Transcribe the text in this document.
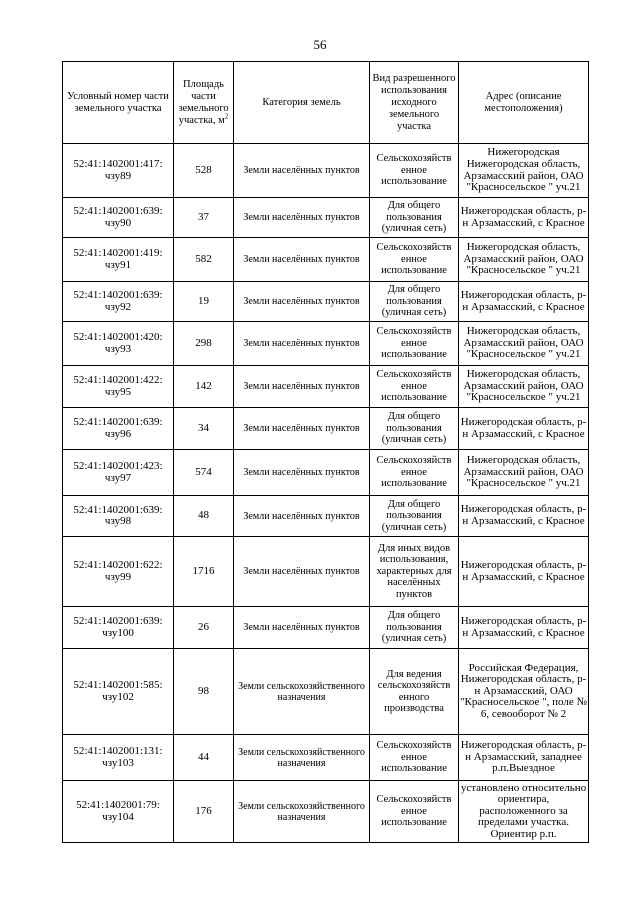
56
Условный номер части земельного участка	Площадь части земельного участка, $м^2$	Категория земель	Вид разрешенного использования исходного земельного участка	Адрес (описание местоположения)
52:41:1402001:417: чзу89	528	Земли населённых пунктов	Сельскохозяйств енное использование	Нижегородская Нижегородская область, Арзамасский район, ОАО "Красносельское " уч.21
52:41:1402001:639: чзу90	37	Земли населённых пунктов	Для общего пользования (уличная сеть)	Нижегородская область, р-н Арзамасский, с Красное
52:41:1402001:419: чзу91	582	Земли населённых пунктов	Сельскохозяйств енное использование	Нижегородская область, Арзамасский район, ОАО "Красносельское " уч.21
52:41:1402001:639: чзу92	19	Земли населённых пунктов	Для общего пользования (уличная сеть)	Нижегородская область, р-н Арзамасский, с Красное
52:41:1402001:420: чзу93	298	Земли населённых пунктов	Сельскохозяйств енное использование	Нижегородская область, Арзамасский район, ОАО "Красносельское " уч.21
52:41:1402001:422: чзу95	142	Земли населённых пунктов	Сельскохозяйств енное использование	Нижегородская область, Арзамасский район, ОАО "Красносельское " уч.21
52:41:1402001:639: чзу96	34	Земли населённых пунктов	Для общего пользования (уличная сеть)	Нижегородская область, р-н Арзамасский, с Красное
52:41:1402001:423: чзу97	574	Земли населённых пунктов	Сельскохозяйств енное использование	Нижегородская область, Арзамасский район, ОАО "Красносельское " уч.21
52:41:1402001:639: чзу98	48	Земли населённых пунктов	Для общего пользования (уличная сеть)	Нижегородская область, р-н Арзамасский, с Красное
52:41:1402001:622: чзу99	1716	Земли населённых пунктов	Для иных видов использования, характерных для населённых пунктов	Нижегородская область, р-н Арзамасский, с Красное
52:41:1402001:639: чзу100	26	Земли населённых пунктов	Для общего пользования (уличная сеть)	Нижегородская область, р-н Арзамасский, с Красное
52:41:1402001:585: чзу102	98	Земли сельскохозяйственного назначения	Для ведения сельскохозяйств енного производства	Российская Федерация, Нижегородская область, р-н Арзамасский, ОАО "Красносельское ", поле № 6, севооборот № 2
52:41:1402001:131: чзу103	44	Земли сельскохозяйственного назначения	Сельскохозяйств енное использование	Нижегородская область, р-н Арзамасский, западнее р.п.Выездное
52:41:1402001:79: чзу104	176	Земли сельскохозяйственного назначения	Сельскохозяйств енное использование	установлено относительно ориентира, расположенного за пределами участка. Ориентир р.п.
